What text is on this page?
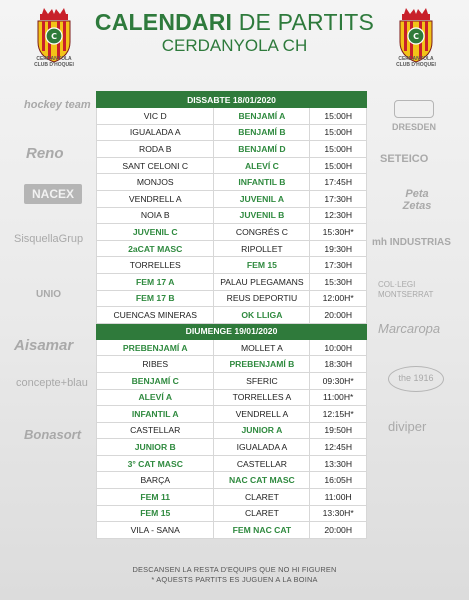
C
CERDANYOLA
CLUB D'HOQUEI
C
CERDANYOLA
CLUB D'HOQUEI
CALENDARI DE PARTITS
CERDANYOLA CH
hockey team
Reno
NACEX
SisquellaGrup
UNIO
Aisamar
concepte+blau
Bonasort
DRESDEN
SETEICO
Peta Zetas
mh INDUSTRIAS
COL·LEGI MONTSERRAT
Marcaropa
the 1916
diviper
DISSABTE 18/01/2020		
VIC D	BENJAMÍ A	15:00H
IGUALADA A	BENJAMÍ B	15:00H
RODA B	BENJAMÍ D	15:00H
SANT CELONI C	ALEVÍ C	15:00H
MONJOS	INFANTIL B	17:45H
VENDRELL A	JUVENIL A	17:30H
NOIA B	JUVENIL B	12:30H
JUVENIL C	CONGRÉS C	15:30H*
2aCAT MASC	RIPOLLET	19:30H
TORRELLES	FEM 15	17:30H
FEM 17 A	PALAU PLEGAMANS	15:30H
FEM 17 B	REUS DEPORTIU	12:00H*
CUENCAS MINERAS	OK LLIGA	20:00H
DIUMENGE 19/01/2020		
PREBENJAMÍ A	MOLLET A	10:00H
RIBES	PREBENJAMÍ B	18:30H
BENJAMÍ C	SFERIC	09:30H*
ALEVÍ A	TORRELLES A	11:00H*
INFANTIL A	VENDRELL A	12:15H*
CASTELLAR	JUNIOR A	19:50H
JUNIOR B	IGUALADA A	12:45H
3° CAT MASC	CASTELLAR	13:30H
BARÇA	NAC CAT MASC	16:05H
FEM 11	CLARET	11:00H
FEM 15	CLARET	13:30H*
VILA - SANA	FEM NAC CAT	20:00H
DESCANSEN LA RESTA D'EQUIPS QUE NO HI FIGUREN
* AQUESTS PARTITS ES JUGUEN A LA BOINA
